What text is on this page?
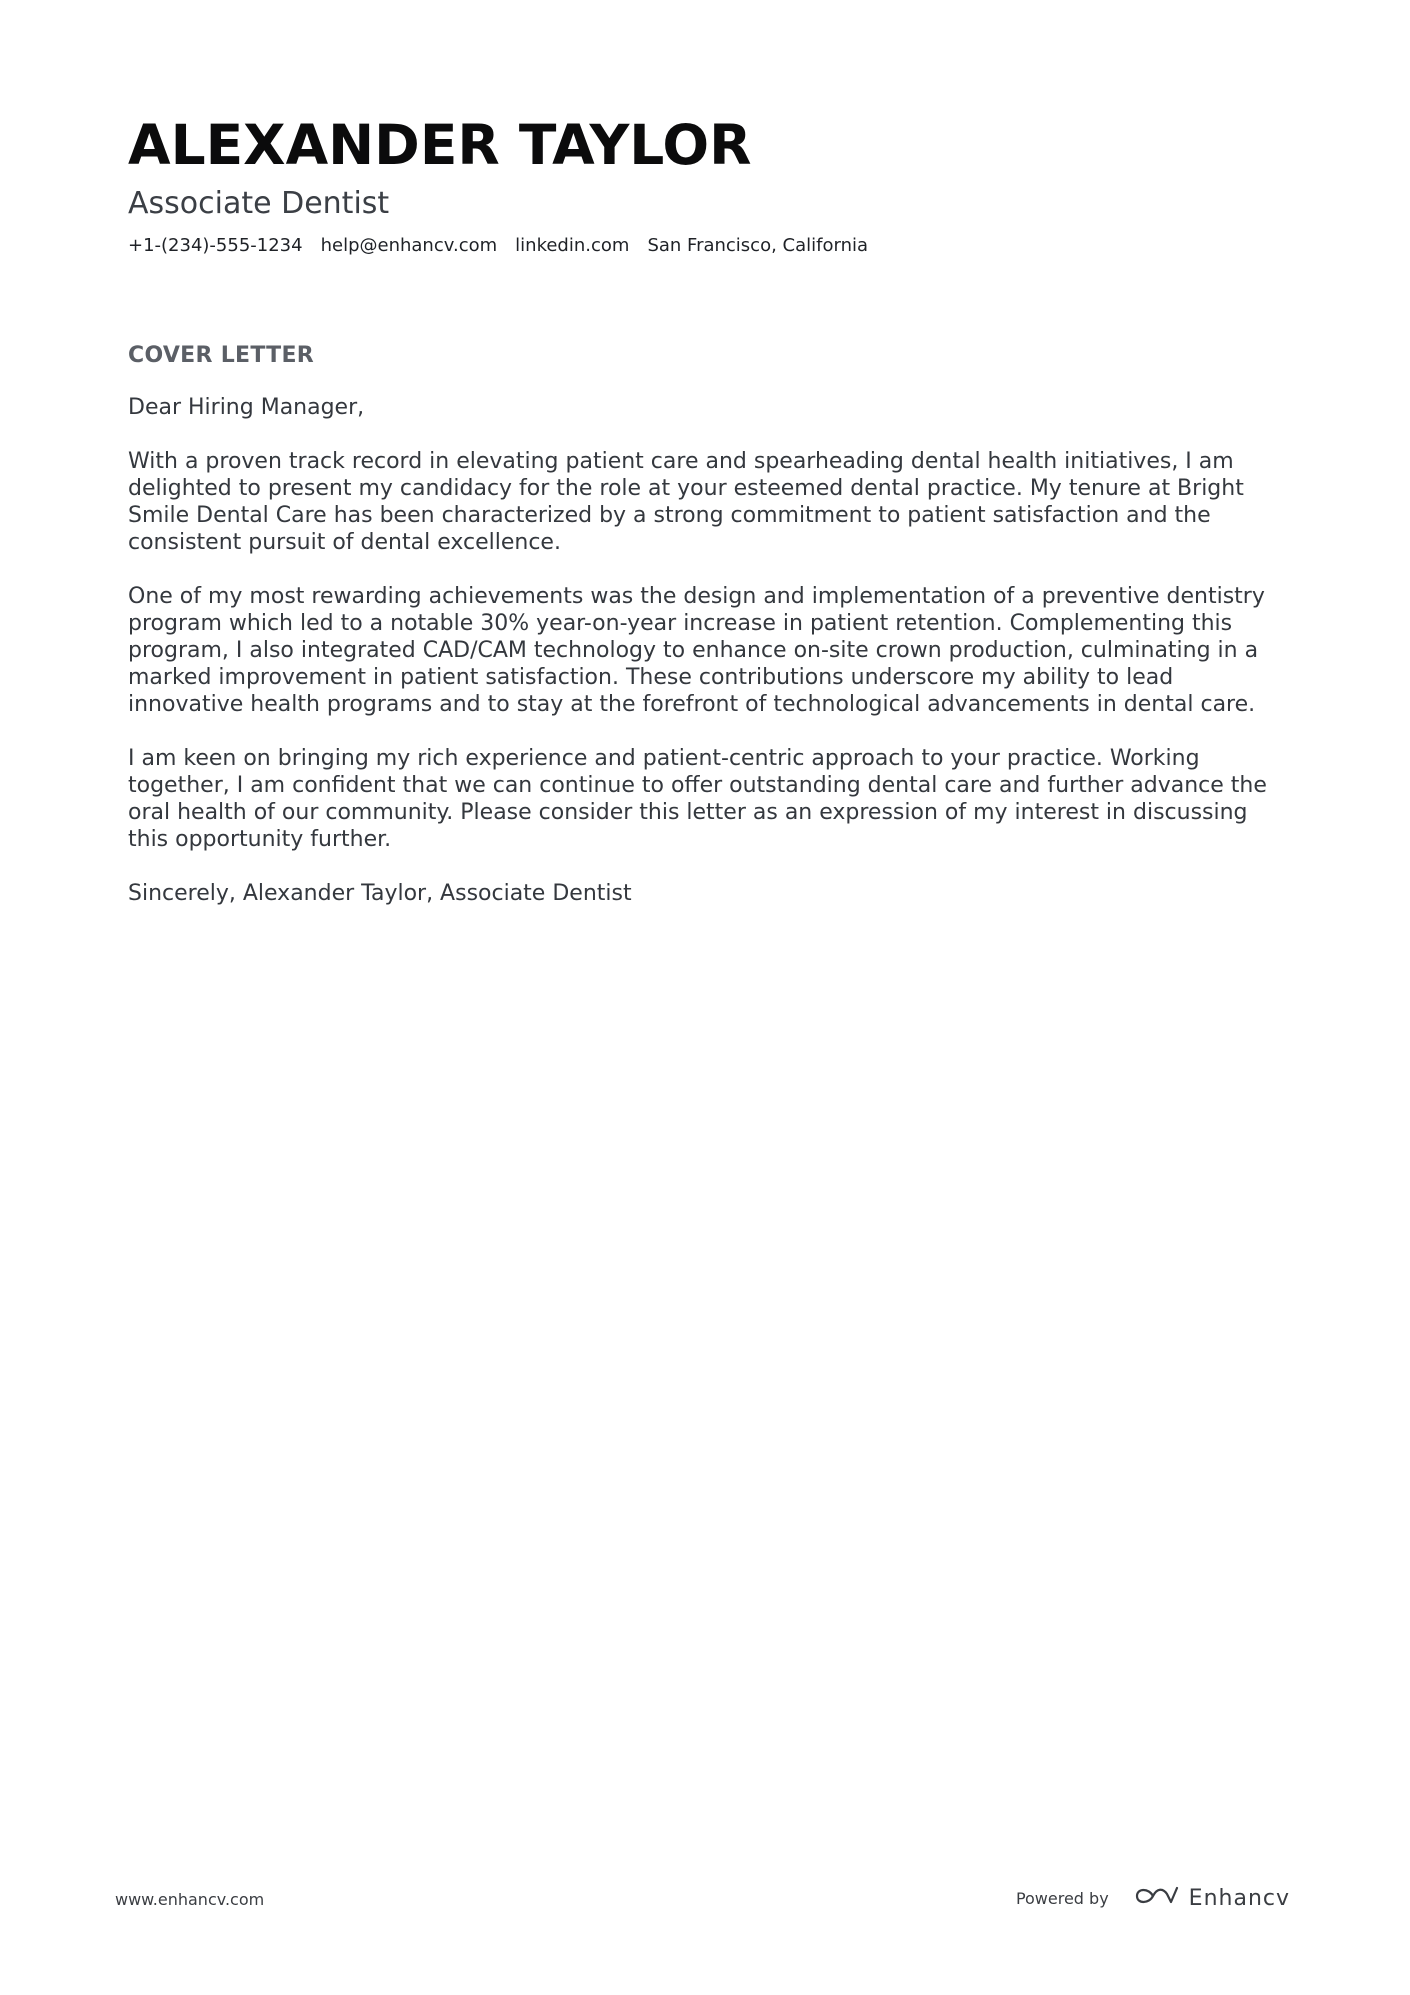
ALEXANDER TAYLOR
Associate Dentist
+1-(234)-555-1234 help@enhancv.com linkedin.com San Francisco, California
COVER LETTER

Dear Hiring Manager,

With a proven track record in elevating patient care and spearheading dental health initiatives, I am delighted to present my candidacy for the role at your esteemed dental practice. My tenure at Bright Smile Dental Care has been characterized by a strong commitment to patient satisfaction and the consistent pursuit of dental excellence.

One of my most rewarding achievements was the design and implementation of a preventive dentistry program which led to a notable 30% year-on-year increase in patient retention. Complementing this program, I also integrated CAD/CAM technology to enhance on-site crown production, culminating in a marked improvement in patient satisfaction. These contributions underscore my ability to lead innovative health programs and to stay at the forefront of technological advancements in dental care.

I am keen on bringing my rich experience and patient-centric approach to your practice. Working together, I am confident that we can continue to offer outstanding dental care and further advance the oral health of our community. Please consider this letter as an expression of my interest in discussing this opportunity further.

Sincerely, Alexander Taylor, Associate Dentist

www.enhancv.com	Powered by	Enhancv
